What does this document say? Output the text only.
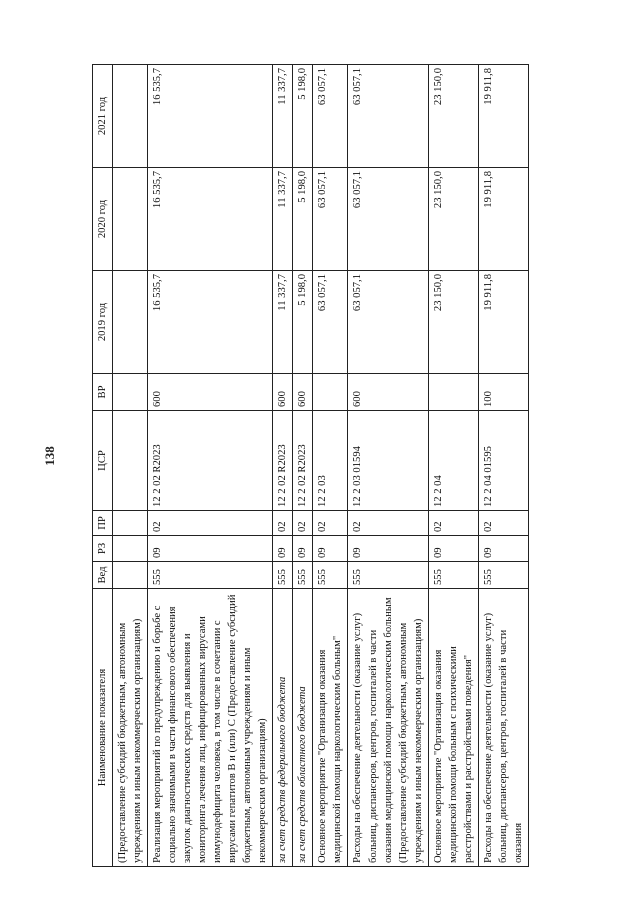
138
Наименование показателя	Вед	РЗ	ПР	ЦСР	ВР	2019 год	2020 год	2021 год
(Предоставление субсидий бюджетным, автономным учреждениям и иным некоммерческим организациям)								
Реализация мероприятий по предупреждению и борьбе с социально значимыми в части финансового обеспечения закупок диагностических средств для выявления и мониторинга лечения лиц, инфицированных вирусами иммунодефицита человека, в том числе в сочетании с вирусами гепатитов В и (или) С (Предоставление субсидий бюджетным, автономным учреждениям и иным некоммерческим организациям)	555	09	02	12 2 02 R2023	600	16 535,7	16 535,7	16 535,7
за счет средств федерального бюджета	555	09	02	12 2 02 R2023	600	11 337,7	11 337,7	11 337,7
за счет средств областного бюджета	555	09	02	12 2 02 R2023	600	5 198,0	5 198,0	5 198,0
Основное мероприятие "Организация оказания медицинской помощи наркологическим больным"	555	09	02	12 2 03		63 057,1	63 057,1	63 057,1
Расходы на обеспечение деятельности (оказание услуг) больниц, диспансеров, центров, госпиталей в части оказания медицинской помощи наркологическим больным (Предоставление субсидий бюджетным, автономным учреждениям и иным некоммерческим организациям)	555	09	02	12 2 03 01594	600	63 057,1	63 057,1	63 057,1
Основное мероприятие "Организация оказания медицинской помощи больным с психическими расстройствами и расстройствами поведения"	555	09	02	12 2 04		23 150,0	23 150,0	23 150,0
Расходы на обеспечение деятельности (оказание услуг) больниц, диспансеров, центров, госпиталей в части оказания	555	09	02	12 2 04 01595	100	19 911,8	19 911,8	19 911,8
